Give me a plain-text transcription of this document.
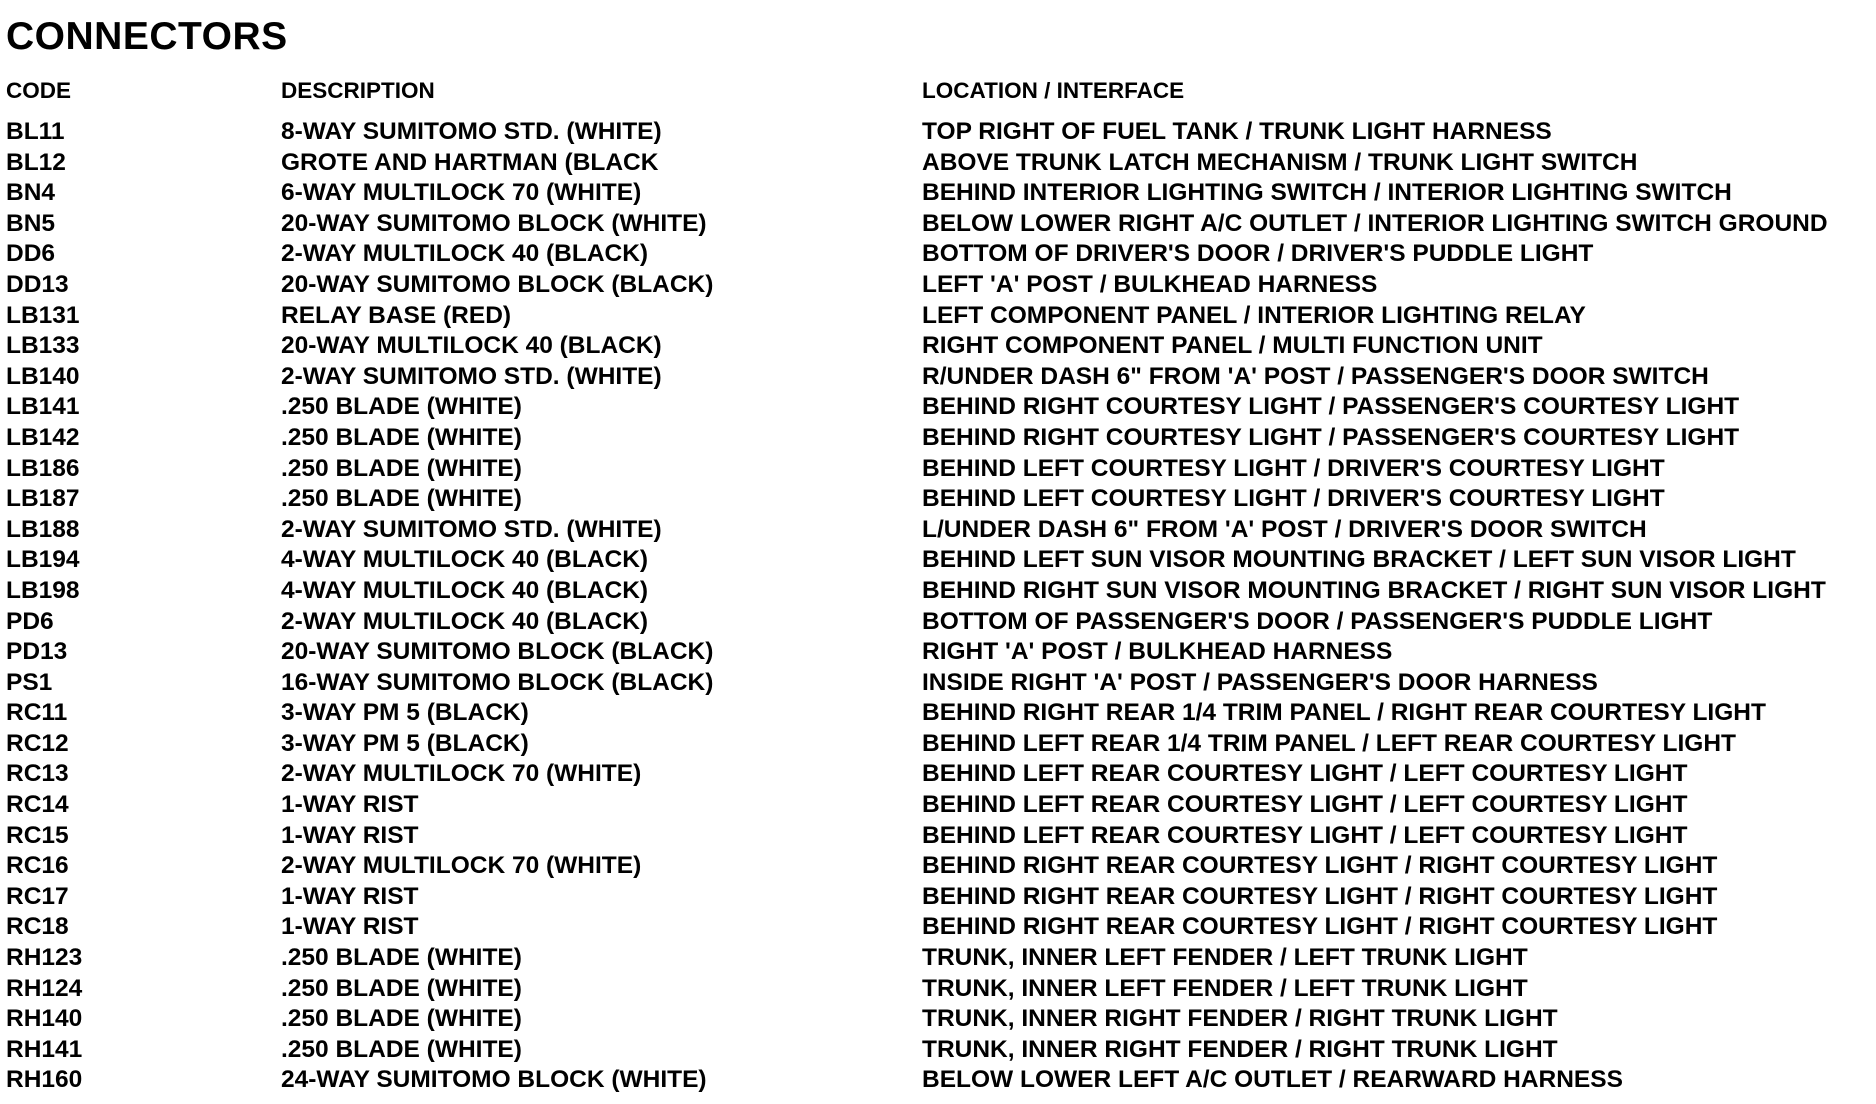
CONNECTORS
CODE	DESCRIPTION	LOCATION / INTERFACE
BL11	8-WAY SUMITOMO STD. (WHITE)	TOP RIGHT OF FUEL TANK / TRUNK LIGHT HARNESS
BL12	GROTE AND HARTMAN (BLACK	ABOVE TRUNK LATCH MECHANISM / TRUNK LIGHT SWITCH
BN4	6-WAY MULTILOCK 70 (WHITE)	BEHIND INTERIOR LIGHTING SWITCH / INTERIOR LIGHTING SWITCH
BN5	20-WAY SUMITOMO BLOCK (WHITE)	BELOW LOWER RIGHT A/C OUTLET / INTERIOR LIGHTING SWITCH GROUND
DD6	2-WAY MULTILOCK 40 (BLACK)	BOTTOM OF DRIVER'S DOOR / DRIVER'S PUDDLE LIGHT
DD13	20-WAY SUMITOMO BLOCK (BLACK)	LEFT 'A' POST / BULKHEAD HARNESS
LB131	RELAY BASE (RED)	LEFT COMPONENT PANEL / INTERIOR LIGHTING RELAY
LB133	20-WAY MULTILOCK 40 (BLACK)	RIGHT COMPONENT PANEL / MULTI FUNCTION UNIT
LB140	2-WAY SUMITOMO STD. (WHITE)	R/UNDER DASH 6" FROM 'A' POST / PASSENGER'S DOOR SWITCH
LB141	.250 BLADE (WHITE)	BEHIND RIGHT COURTESY LIGHT / PASSENGER'S COURTESY LIGHT
LB142	.250 BLADE (WHITE)	BEHIND RIGHT COURTESY LIGHT / PASSENGER'S COURTESY LIGHT
LB186	.250 BLADE (WHITE)	BEHIND LEFT COURTESY LIGHT / DRIVER'S COURTESY LIGHT
LB187	.250 BLADE (WHITE)	BEHIND LEFT COURTESY LIGHT / DRIVER'S COURTESY LIGHT
LB188	2-WAY SUMITOMO STD. (WHITE)	L/UNDER DASH 6" FROM 'A' POST / DRIVER'S DOOR SWITCH
LB194	4-WAY MULTILOCK 40 (BLACK)	BEHIND LEFT SUN VISOR MOUNTING BRACKET / LEFT SUN VISOR LIGHT
LB198	4-WAY MULTILOCK 40 (BLACK)	BEHIND RIGHT SUN VISOR MOUNTING BRACKET / RIGHT SUN VISOR LIGHT
PD6	2-WAY MULTILOCK 40 (BLACK)	BOTTOM OF PASSENGER'S DOOR / PASSENGER'S PUDDLE LIGHT
PD13	20-WAY SUMITOMO BLOCK (BLACK)	RIGHT 'A' POST / BULKHEAD HARNESS
PS1	16-WAY SUMITOMO BLOCK (BLACK)	INSIDE RIGHT 'A' POST / PASSENGER'S DOOR HARNESS
RC11	3-WAY PM 5 (BLACK)	BEHIND RIGHT REAR 1/4 TRIM PANEL / RIGHT REAR COURTESY LIGHT
RC12	3-WAY PM 5 (BLACK)	BEHIND LEFT REAR 1/4 TRIM PANEL / LEFT REAR COURTESY LIGHT
RC13	2-WAY MULTILOCK 70 (WHITE)	BEHIND LEFT REAR COURTESY LIGHT / LEFT COURTESY LIGHT
RC14	1-WAY RIST	BEHIND LEFT REAR COURTESY LIGHT / LEFT COURTESY LIGHT
RC15	1-WAY RIST	BEHIND LEFT REAR COURTESY LIGHT / LEFT COURTESY LIGHT
RC16	2-WAY MULTILOCK 70 (WHITE)	BEHIND RIGHT REAR COURTESY LIGHT / RIGHT COURTESY LIGHT
RC17	1-WAY RIST	BEHIND RIGHT REAR COURTESY LIGHT / RIGHT COURTESY LIGHT
RC18	1-WAY RIST	BEHIND RIGHT REAR COURTESY LIGHT / RIGHT COURTESY LIGHT
RH123	.250 BLADE (WHITE)	TRUNK, INNER LEFT FENDER / LEFT TRUNK LIGHT
RH124	.250 BLADE (WHITE)	TRUNK, INNER LEFT FENDER / LEFT TRUNK LIGHT
RH140	.250 BLADE (WHITE)	TRUNK, INNER RIGHT FENDER / RIGHT TRUNK LIGHT
RH141	.250 BLADE (WHITE)	TRUNK, INNER RIGHT FENDER / RIGHT TRUNK LIGHT
RH160	24-WAY SUMITOMO BLOCK (WHITE)	BELOW LOWER LEFT A/C OUTLET / REARWARD HARNESS
